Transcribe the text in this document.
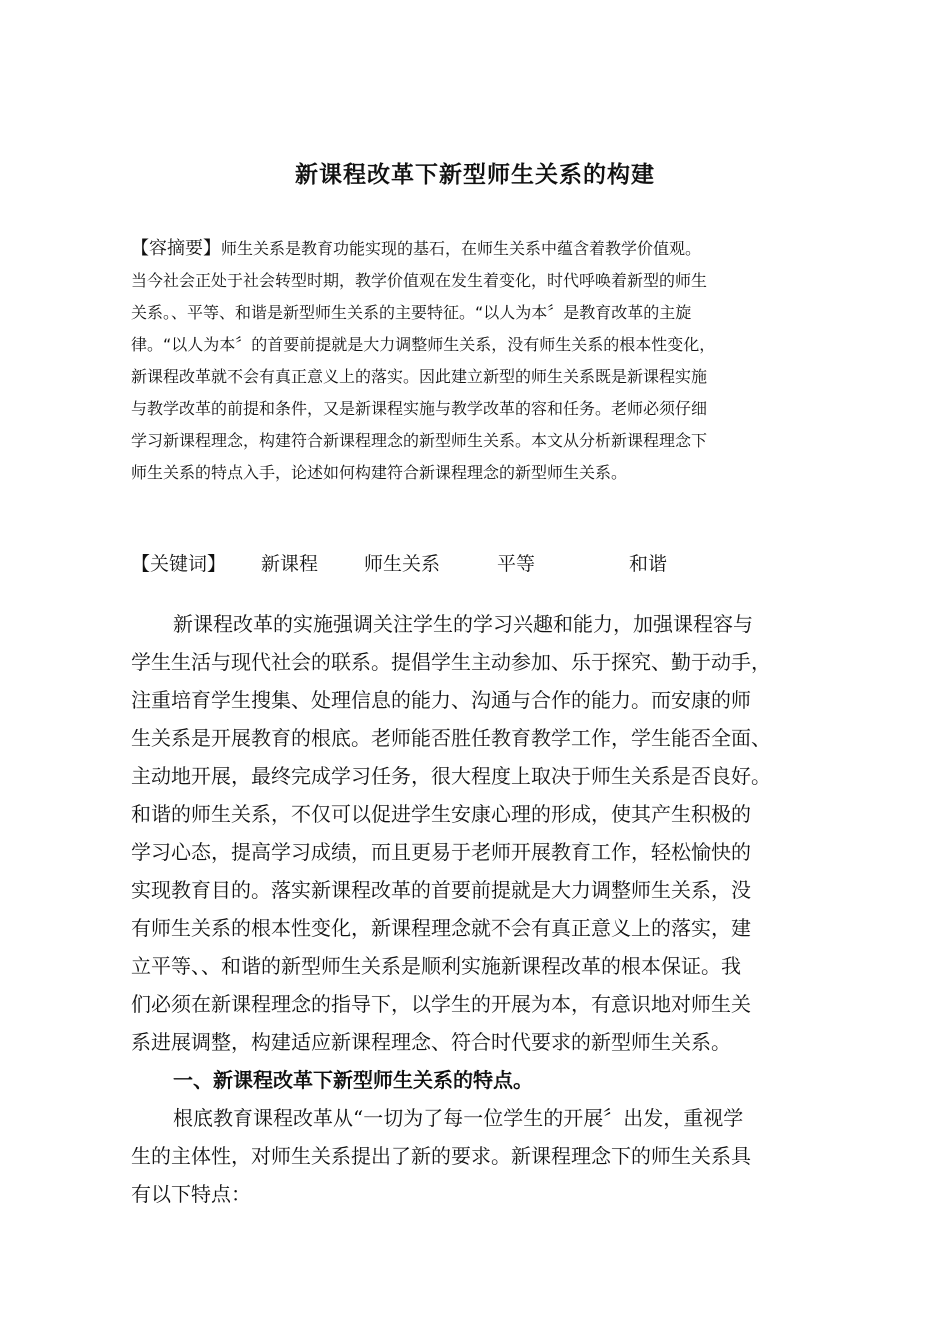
新课程改革下新型师生关系的构建
【容摘要】师生关系是教育功能实现的基石，在师生关系中蕴含着教学价值观。
当今社会正处于社会转型时期，教学价值观在发生着变化，时代呼唤着新型的师生
关系。、平等、和谐是新型师生关系的主要特征。“以人为本〞是教育改革的主旋
律。“以人为本〞的首要前提就是大力调整师生关系，没有师生关系的根本性变化，
新课程改革就不会有真正意义上的落实。因此建立新型的师生关系既是新课程实施
与教学改革的前提和条件，又是新课程实施与教学改革的容和任务。老师必须仔细
学习新课程理念，构建符合新课程理念的新型师生关系。本文从分析新课程理念下
师生关系的特点入手，论述如何构建符合新课程理念的新型师生关系。
【关键词】 新课程 师生关系	平等	和谐
新课程改革的实施强调关注学生的学习兴趣和能力，加强课程容与
学生生活与现代社会的联系。提倡学生主动参加、乐于探究、勤于动手，
注重培育学生搜集、处理信息的能力、沟通与合作的能力。而安康的师
生关系是开展教育的根底。老师能否胜任教育教学工作，学生能否全面、
主动地开展，最终完成学习任务，很大程度上取决于师生关系是否良好。
和谐的师生关系，不仅可以促进学生安康心理的形成，使其产生积极的
学习心态，提高学习成绩，而且更易于老师开展教育工作，轻松愉快的
实现教育目的。落实新课程改革的首要前提就是大力调整师生关系，没
有师生关系的根本性变化，新课程理念就不会有真正意义上的落实，建
立平等、、和谐的新型师生关系是顺利实施新课程改革的根本保证。我
们必须在新课程理念的指导下，以学生的开展为本，有意识地对师生关
系进展调整，构建适应新课程理念、符合时代要求的新型师生关系。
一、新课程改革下新型师生关系的特点。
根底教育课程改革从“一切为了每一位学生的开展〞出发，重视学
生的主体性，对师生关系提出了新的要求。新课程理念下的师生关系具
有以下特点：
